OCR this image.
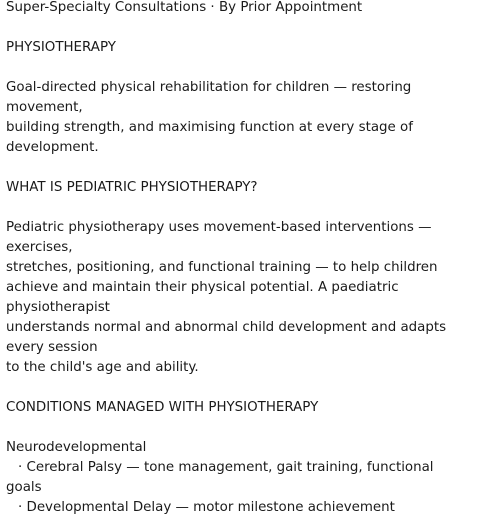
Super-Specialty Consultations · By Prior Appointment
PHYSIOTHERAPY
Goal-directed physical rehabilitation for children — restoring
movement,
building strength, and maximising function at every stage of
development.
WHAT IS PEDIATRIC PHYSIOTHERAPY?
Pediatric physiotherapy uses movement-based interventions —
exercises,
stretches, positioning, and functional training — to help children
achieve and maintain their physical potential. A paediatric
physiotherapist
understands normal and abnormal child development and adapts
every session
to the child's age and ability.
CONDITIONS MANAGED WITH PHYSIOTHERAPY
Neurodevelopmental
· Cerebral Palsy — tone management, gait training, functional
goals
· Developmental Delay — motor milestone achievement
